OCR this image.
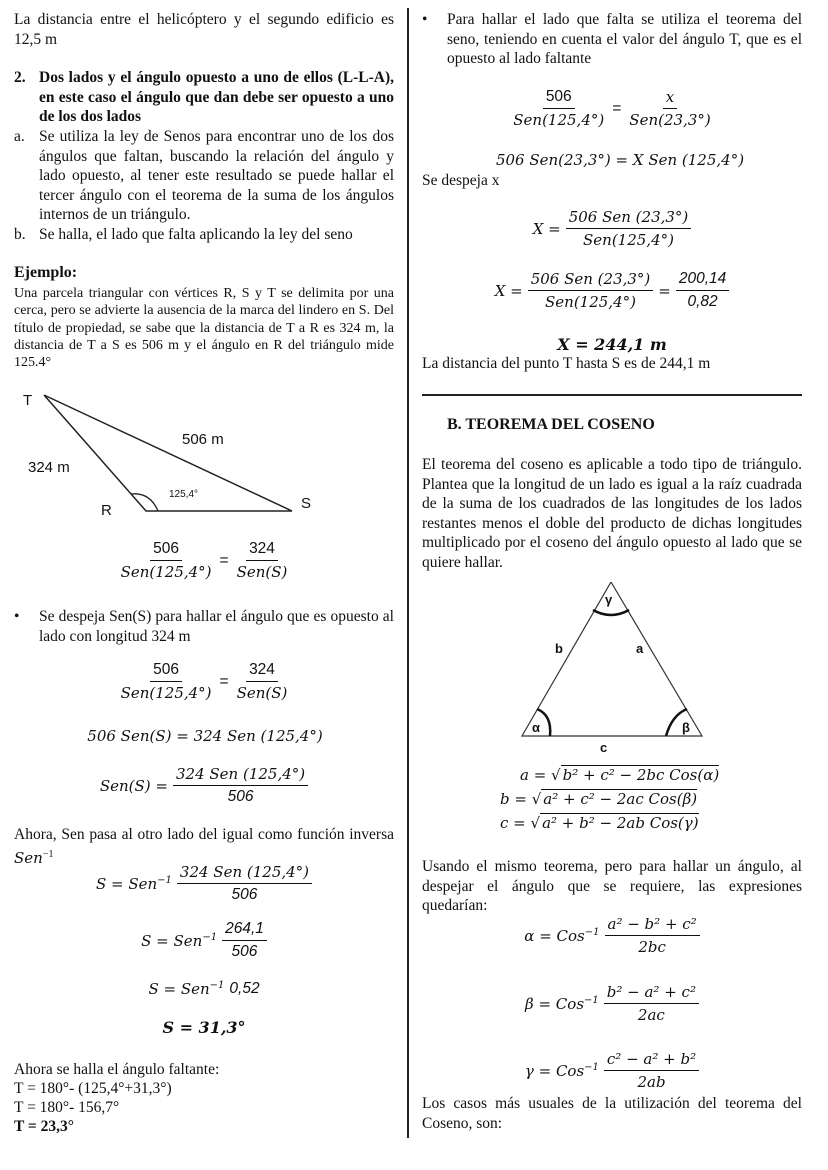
La distancia entre el helicóptero y el segundo edificio es 12,5 m
2. Dos lados y el ángulo opuesto a uno de ellos (L-L-A), en este caso el ángulo que dan debe ser opuesto a uno de los dos lados
a. Se utiliza la ley de Senos para encontrar uno de los dos ángulos que faltan, buscando la relación del ángulo y lado opuesto, al tener este resultado se puede hallar el tercer ángulo con el teorema de la suma de los ángulos internos de un triángulo.
b. Se halla, el lado que falta aplicando la ley del seno
Ejemplo:
Una parcela triangular con vértices R, S y T se delimita por una cerca, pero se advierte la ausencia de la marca del lindero en S. Del título de propiedad, se sabe que la distancia de T a R es 324 m, la distancia de T a S es 506 m y el ángulo en R del triángulo mide 125.4°
T
R	S
506 m
324 m
125,4°
$\frac{506}{\text{Sen(125,4°)}} = \frac{324}{\text{Sen(S)}}$
•	Se despeja Sen(S) para hallar el ángulo que es opuesto al lado con longitud 324 m
$\frac{506}{\text{Sen(125,4°)}} = \frac{324}{\text{Sen(S)}}$
506 Sen(S) = 324 Sen (125,4°)
$Sen(S) = \frac{\text{324 Sen (125,4°)}}{506}$
Ahora, Sen pasa al otro lado del igual como función inversa Sen$^{-1}$
$S = Sen^{-1} \frac{\text{324 Sen (125,4°)}}{506}$
$S = Sen^{-1} \frac{264,1}{506}$
S = Sen$^{-1}$ 0,52
S = 31,3°
Ahora se halla el ángulo faltante:
T = 180°- (125,4°+31,3°)
T = 180°- 156,7°
T = 23,3°
•	Para hallar el lado que falta se utiliza el teorema del seno, teniendo en cuenta el valor del ángulo T, que es el opuesto al lado faltante
$\frac{506}{\text{Sen(125,4°)}} = \frac{x}{\text{Sen(23,3°)}}$
506 Sen(23,3°) = X Sen (125,4°)
Se despeja x
$X = \frac{\text{506 Sen (23,3°)}}{\text{Sen(125,4°)}}$
$X = \frac{\text{506 Sen (23,3°)}}{\text{Sen(125,4°)}} = \frac{200,14}{0,82}$
X = 244,1 m
La distancia del punto T hasta S es de 244,1 m
B. TEOREMA DEL COSENO
El teorema del coseno es aplicable a todo tipo de triángulo. Plantea que la longitud de un lado es igual a la raíz cuadrada de la suma de los cuadrados de las longitudes de los lados restantes menos el doble del producto de dichas longitudes multiplicado por el coseno del ángulo opuesto al lado que se quiere hallar.
γ
α	β
a
b
c
a = √ b² + c² − 2bc Cos(α)
b = √ a² + c² − 2ac Cos(β)
c = √ a² + b² − 2ab Cos(γ)
Usando el mismo teorema, pero para hallar un ángulo, al despejar el ángulo que se requiere, las expresiones quedarían:
$\alpha = Cos^{-1} \frac{\text{a² − b² + c²}}{2bc}$
$\beta = Cos^{-1} \frac{\text{b² − a² + c²}}{2ac}$
$\gamma = Cos^{-1} \frac{\text{c² − a² + b²}}{2ab}$
Los casos más usuales de la utilización del teorema del Coseno, son:
